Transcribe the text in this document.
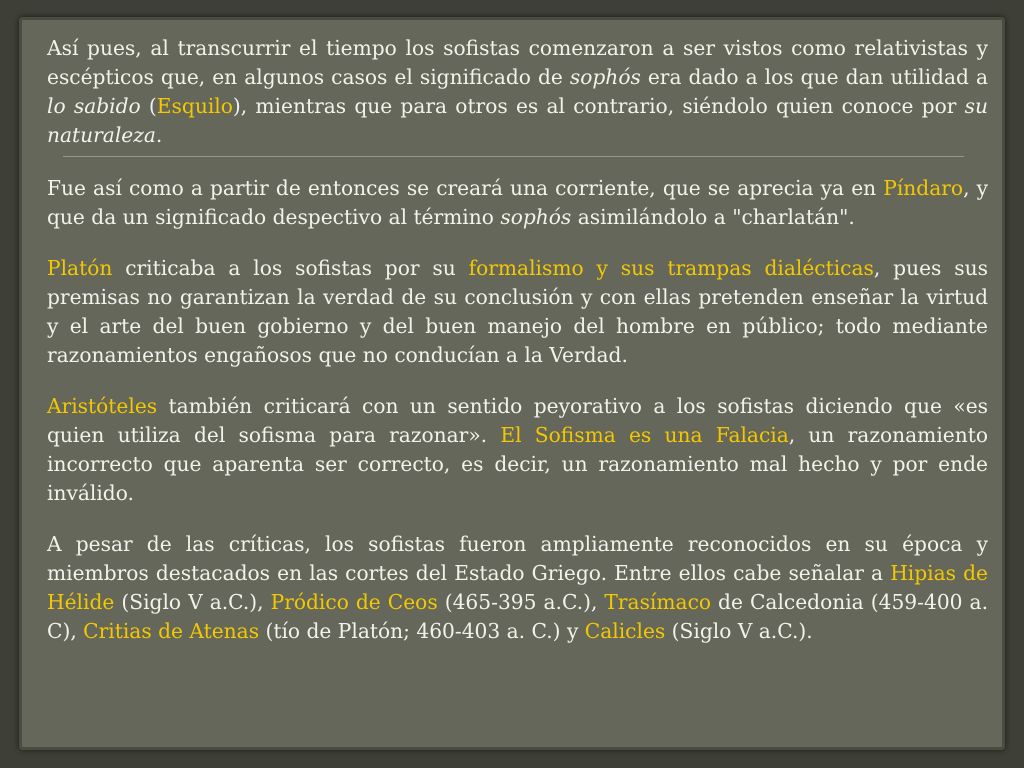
Así pues, al transcurrir el tiempo los sofistas comenzaron a ser vistos como relativistas y escépticos que, en algunos casos el significado de sophós era dado a los que dan utilidad a lo sabido (Esquilo), mientras que para otros es al contrario, siéndolo quien conoce por su naturaleza.

Fue así como a partir de entonces se creará una corriente, que se aprecia ya en Píndaro, y que da un significado despectivo al término sophós asimilándolo a "charlatán".

Platón criticaba a los sofistas por su formalismo y sus trampas dialécticas, pues sus premisas no garantizan la verdad de su conclusión y con ellas pretenden enseñar la virtud y el arte del buen gobierno y del buen manejo del hombre en público; todo mediante razonamientos engañosos que no conducían a la Verdad.

Aristóteles también criticará con un sentido peyorativo a los sofistas diciendo que «es quien utiliza del sofisma para razonar». El Sofisma es una Falacia, un razonamiento incorrecto que aparenta ser correcto, es decir, un razonamiento mal hecho y por ende inválido.

A pesar de las críticas, los sofistas fueron ampliamente reconocidos en su época y miembros destacados en las cortes del Estado Griego. Entre ellos cabe señalar a Hipias de Hélide (Siglo V a.C.), Pródico de Ceos (465-395 a.C.), Trasímaco de Calcedonia (459-400 a. C), Critias de Atenas (tío de Platón; 460-403 a. C.) y Calicles (Siglo V a.C.).
